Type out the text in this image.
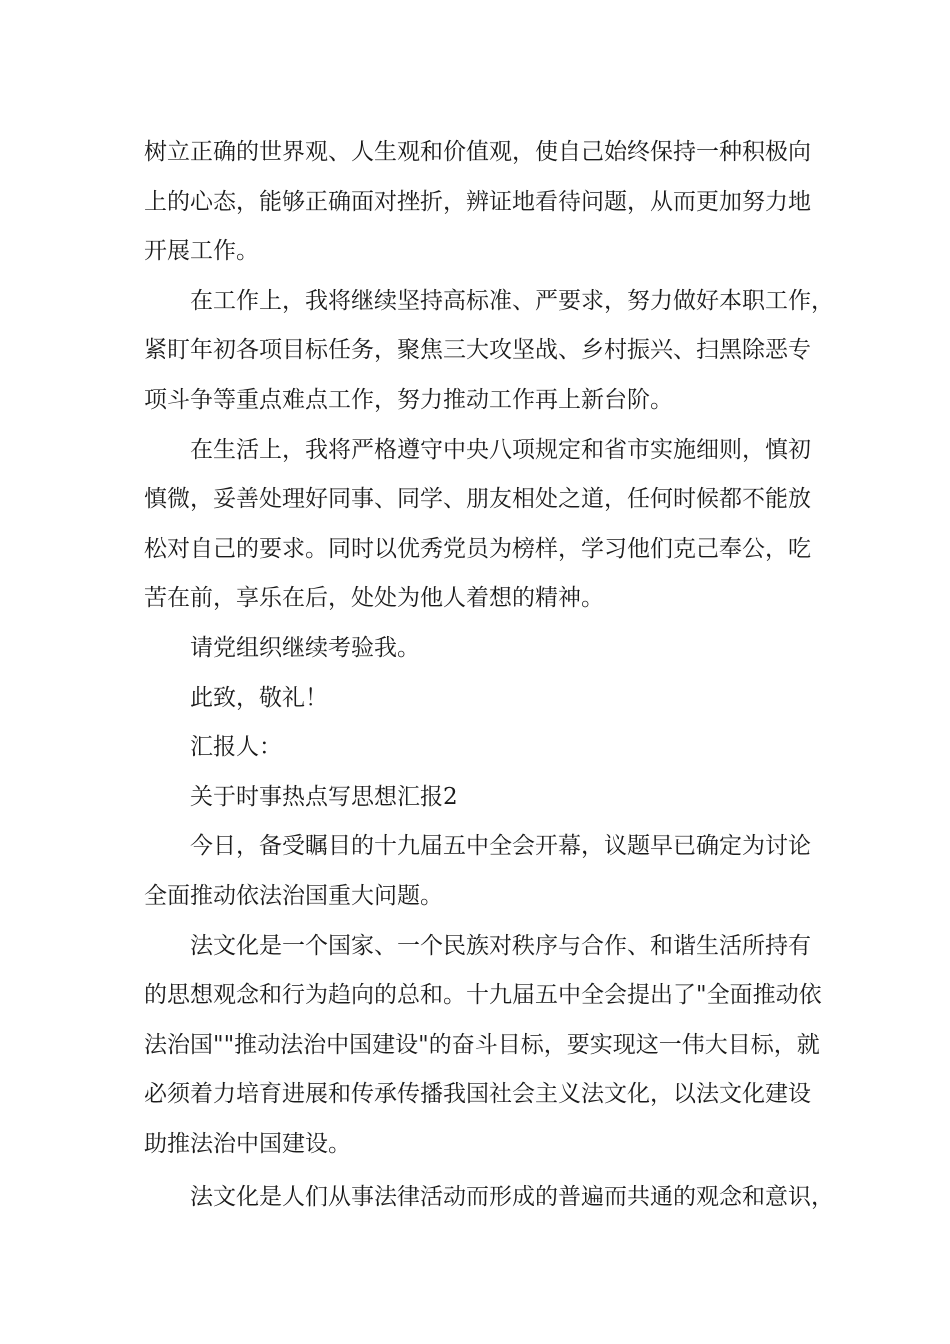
树立正确的世界观、人生观和价值观，使自己始终保持一种积极向
上的心态，能够正确面对挫折，辨证地看待问题，从而更加努力地
开展工作。
在工作上，我将继续坚持高标准、严要求，努力做好本职工作，
紧盯年初各项目标任务，聚焦三大攻坚战、乡村振兴、扫黑除恶专
项斗争等重点难点工作，努力推动工作再上新台阶。
在生活上，我将严格遵守中央八项规定和省市实施细则，慎初
慎微，妥善处理好同事、同学、朋友相处之道，任何时候都不能放
松对自己的要求。同时以优秀党员为榜样，学习他们克己奉公，吃
苦在前，享乐在后，处处为他人着想的精神。
请党组织继续考验我。
此致，敬礼！
汇报人：
关于时事热点写思想汇报2
今日，备受瞩目的十九届五中全会开幕，议题早已确定为讨论
全面推动依法治国重大问题。
法文化是一个国家、一个民族对秩序与合作、和谐生活所持有
的思想观念和行为趋向的总和。十九届五中全会提出了"全面推动依
法治国""推动法治中国建设"的奋斗目标，要实现这一伟大目标，就
必须着力培育进展和传承传播我国社会主义法文化，以法文化建设
助推法治中国建设。
法文化是人们从事法律活动而形成的普遍而共通的观念和意识，
